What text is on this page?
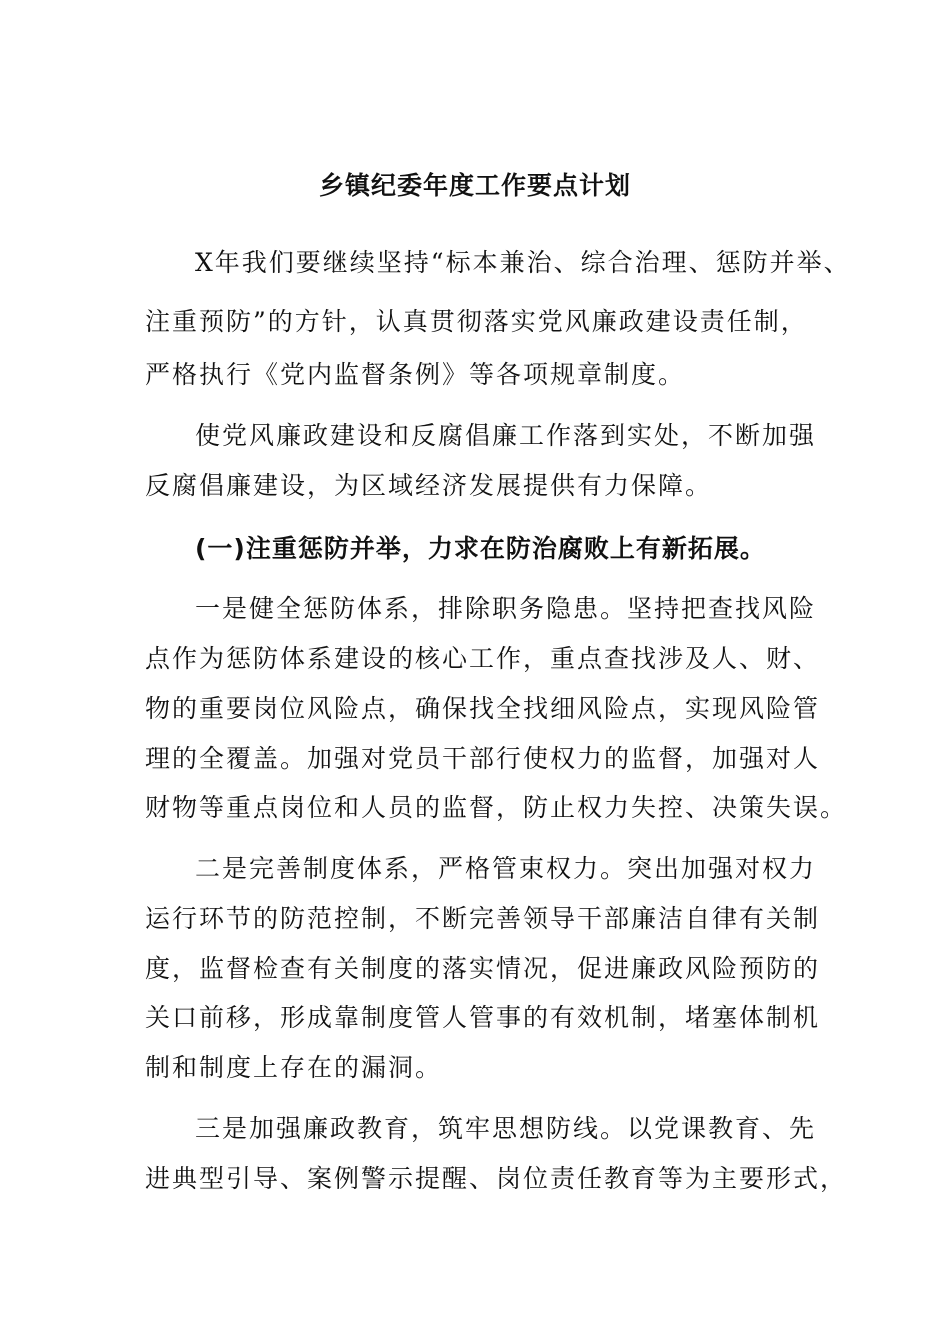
乡镇纪委年度工作要点计划
X年我们要继续坚持“标本兼治、综合治理、惩防并举、
注重预防”的方针，认真贯彻落实党风廉政建设责任制，
严格执行《党内监督条例》等各项规章制度。
使党风廉政建设和反腐倡廉工作落到实处，不断加强
反腐倡廉建设，为区域经济发展提供有力保障。
(一)注重惩防并举，力求在防治腐败上有新拓展。
一是健全惩防体系，排除职务隐患。坚持把查找风险
点作为惩防体系建设的核心工作，重点查找涉及人、财、
物的重要岗位风险点，确保找全找细风险点，实现风险管
理的全覆盖。加强对党员干部行使权力的监督，加强对人
财物等重点岗位和人员的监督，防止权力失控、决策失误。
二是完善制度体系，严格管束权力。突出加强对权力
运行环节的防范控制，不断完善领导干部廉洁自律有关制
度，监督检查有关制度的落实情况，促进廉政风险预防的
关口前移，形成靠制度管人管事的有效机制，堵塞体制机
制和制度上存在的漏洞。
三是加强廉政教育，筑牢思想防线。以党课教育、先
进典型引导、案例警示提醒、岗位责任教育等为主要形式，
